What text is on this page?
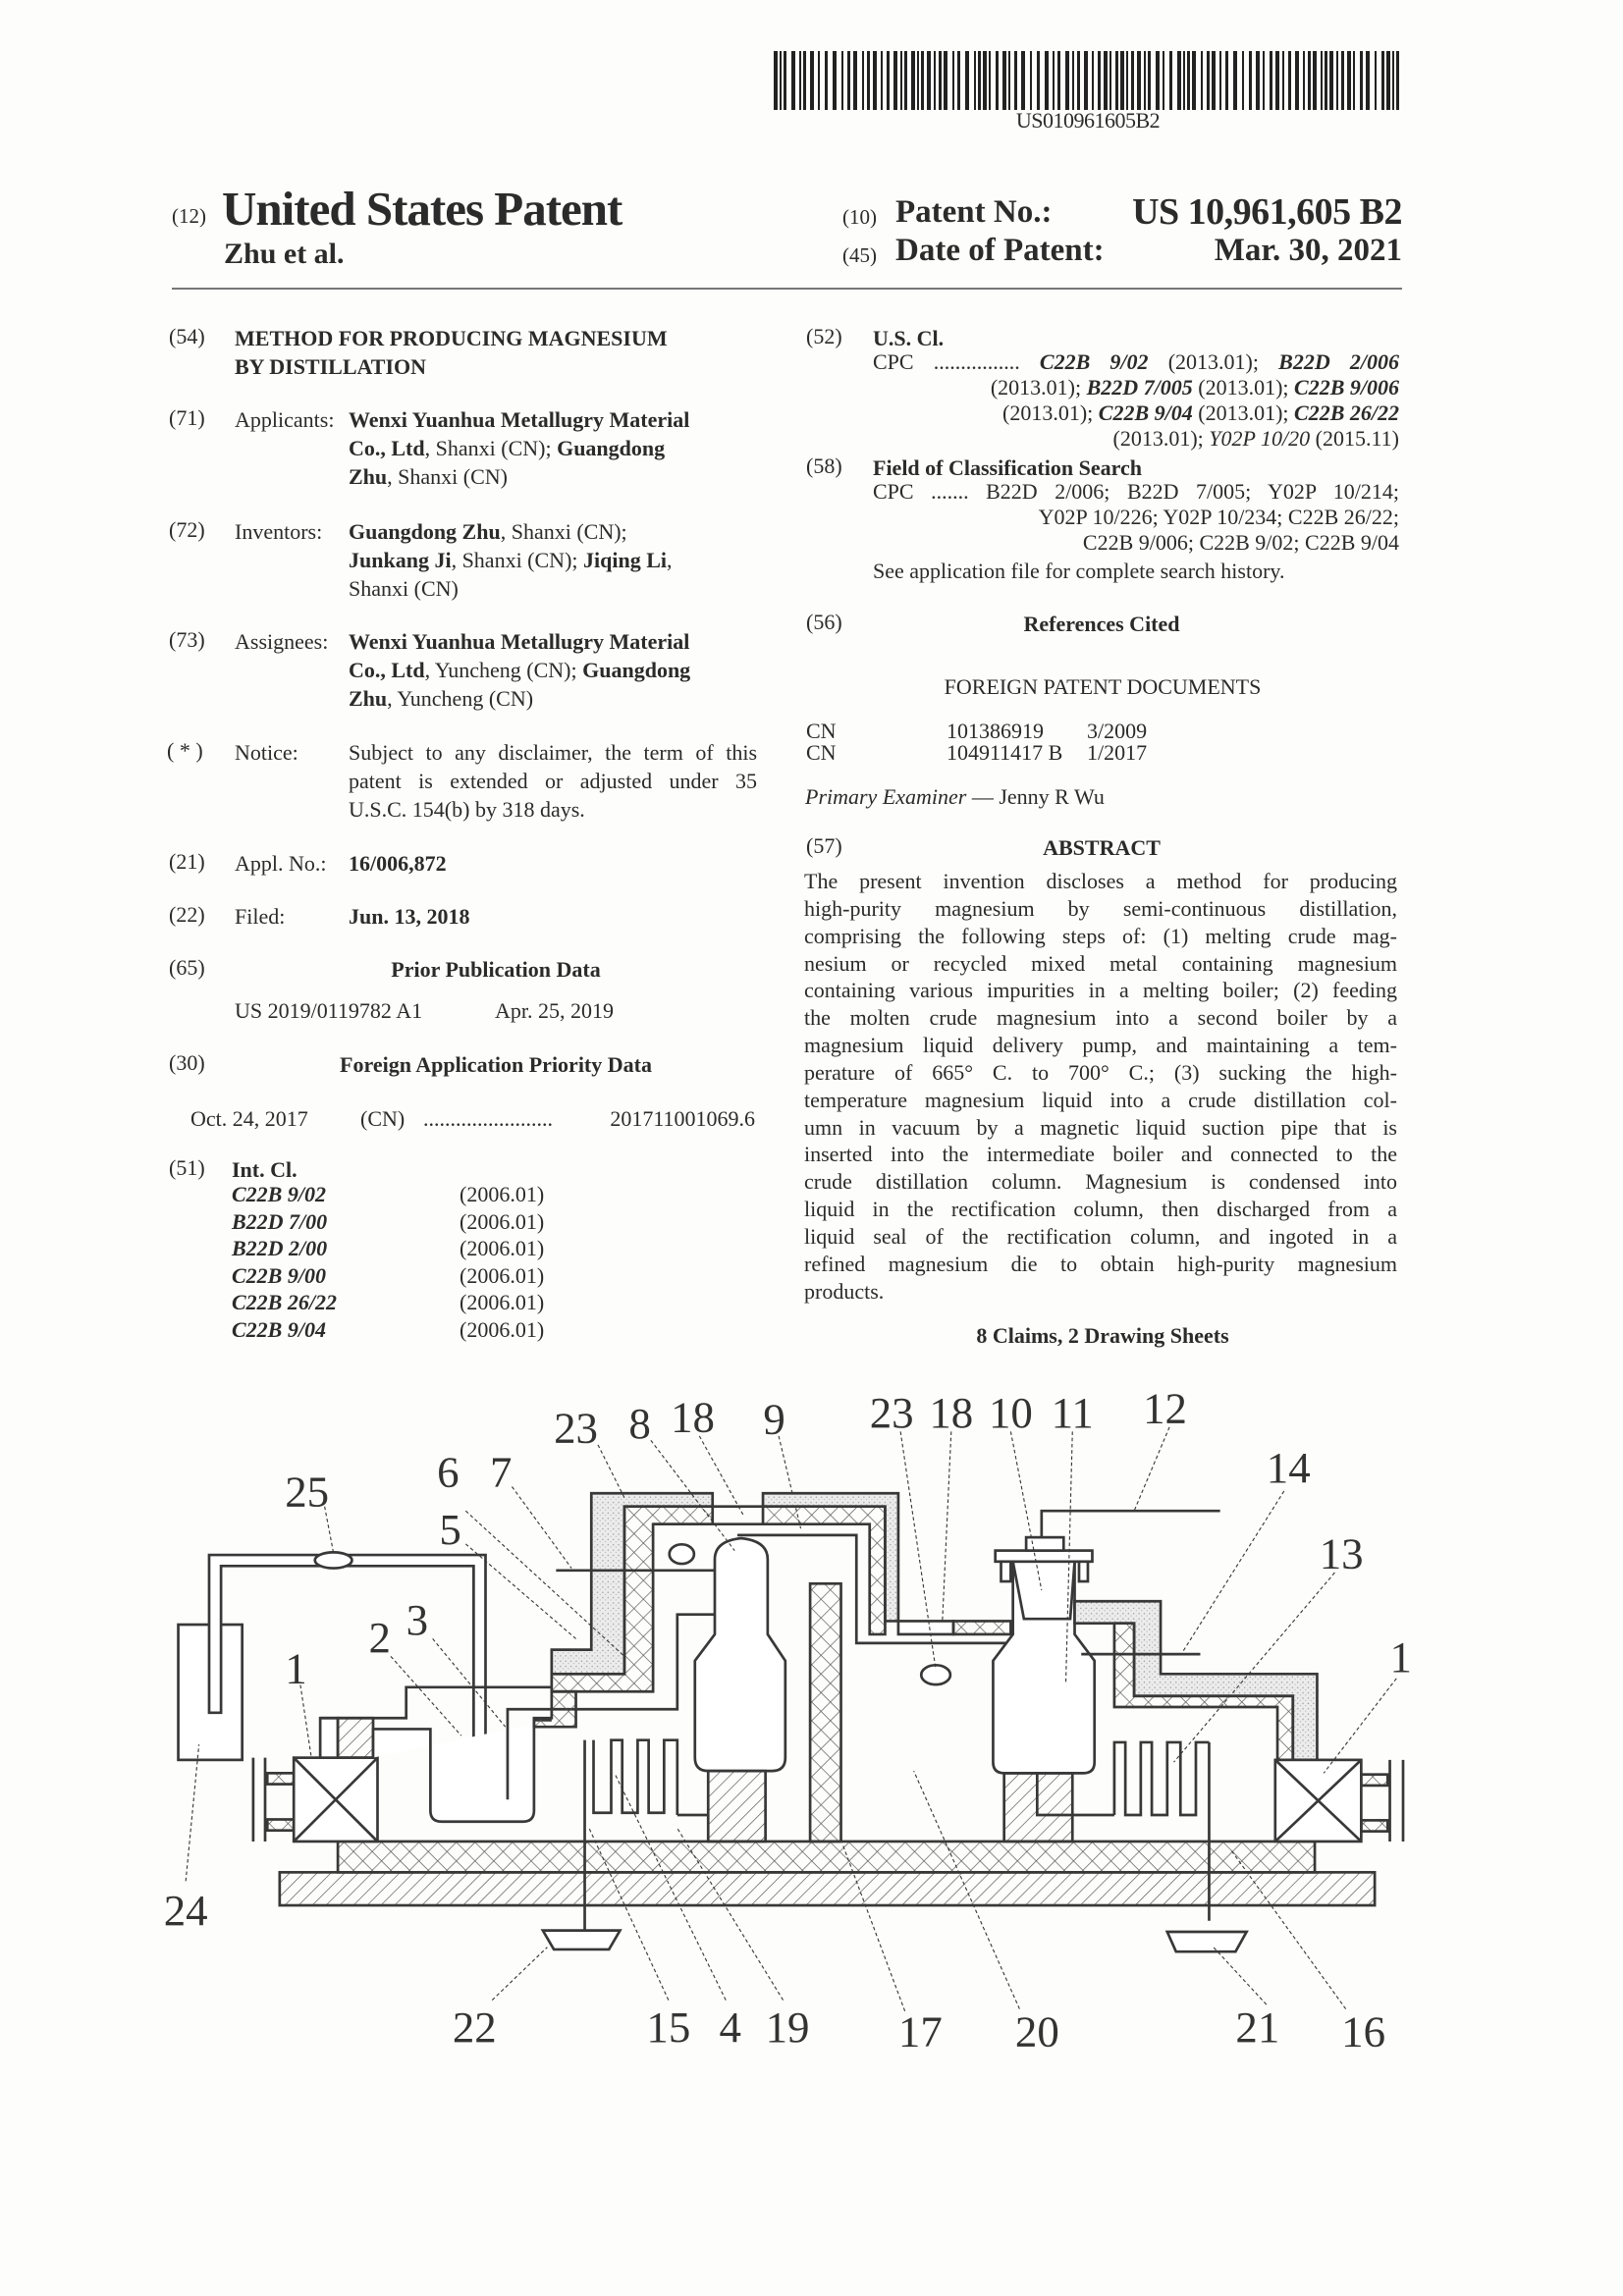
US010961605B2
(12) United States Patent
Zhu et al.
(10) Patent No.: US 10,961,605 B2
(45) Date of Patent:	Mar. 30, 2021
(54) METHOD FOR PRODUCING MAGNESIUM
BY DISTILLATION
(71) Applicants: Wenxi Yuanhua Metallugry Material
Co., Ltd, Shanxi (CN); Guangdong
Zhu, Shanxi (CN)
(72) Inventors: Guangdong Zhu, Shanxi (CN);
Junkang Ji, Shanxi (CN); Jiqing Li,
Shanxi (CN)
(73) Assignees: Wenxi Yuanhua Metallugry Material
Co., Ltd, Yuncheng (CN); Guangdong
Zhu, Yuncheng (CN)
( * ) Notice: Subject to any disclaimer, the term of this
patent is extended or adjusted under 35
U.S.C. 154(b) by 318 days.
(21) Appl. No.: 16/006,872
(22) Filed:	Jun. 13, 2018
(65)	Prior Publication Data
US 2019/0119782 A1	Apr. 25, 2019
(30)	Foreign Application Priority Data
Oct. 24, 2017 (CN) ........................	201711001069.6
(51) Int. Cl.
C22B 9/02	(2006.01)
B22D 7/00	(2006.01)
B22D 2/00	(2006.01)
C22B 9/00	(2006.01)
C22B 26/22	(2006.01)
C22B 9/04	(2006.01)
(52) U.S. Cl.
CPC ................ C22B 9/02 (2013.01); B22D 2/006
(2013.01); B22D 7/005 (2013.01); C22B 9/006
(2013.01); C22B 9/04 (2013.01); C22B 26/22
(2013.01); Y02P 10/20 (2015.11)
(58) Field of Classification Search
CPC ....... B22D 2/006; B22D 7/005; Y02P 10/214;
Y02P 10/226; Y02P 10/234; C22B 26/22;
C22B 9/006; C22B 9/02; C22B 9/04
See application file for complete search history.
(56)	References Cited
FOREIGN PATENT DOCUMENTS
CN	101386919 3/2009
CN	104911417 B 1/2017
Primary Examiner — Jenny R Wu
(57)	ABSTRACT
The present invention discloses a method for producing
high-purity magnesium by semi-continuous distillation,
comprising the following steps of: (1) melting crude mag-
nesium or recycled mixed metal containing magnesium
containing various impurities in a melting boiler; (2) feeding
the molten crude magnesium into a second boiler by a
magnesium liquid delivery pump, and maintaining a tem-
perature of 665° C. to 700° C.; (3) sucking the high-
temperature magnesium liquid into a crude distillation col-
umn in vacuum by a magnetic liquid suction pipe that is
inserted into the intermediate boiler and connected to the
crude distillation column. Magnesium is condensed into
liquid in the rectification column, then discharged from a
liquid seal of the rectification column, and ingoted in a
refined magnesium die to obtain high-purity magnesium
products.
8 Claims, 2 Drawing Sheets
25 6 7
5
23 8 18 9
3
2
1
24
22 15 4 19
23 18 10 11 12
14
13
1
17 20 21 16
